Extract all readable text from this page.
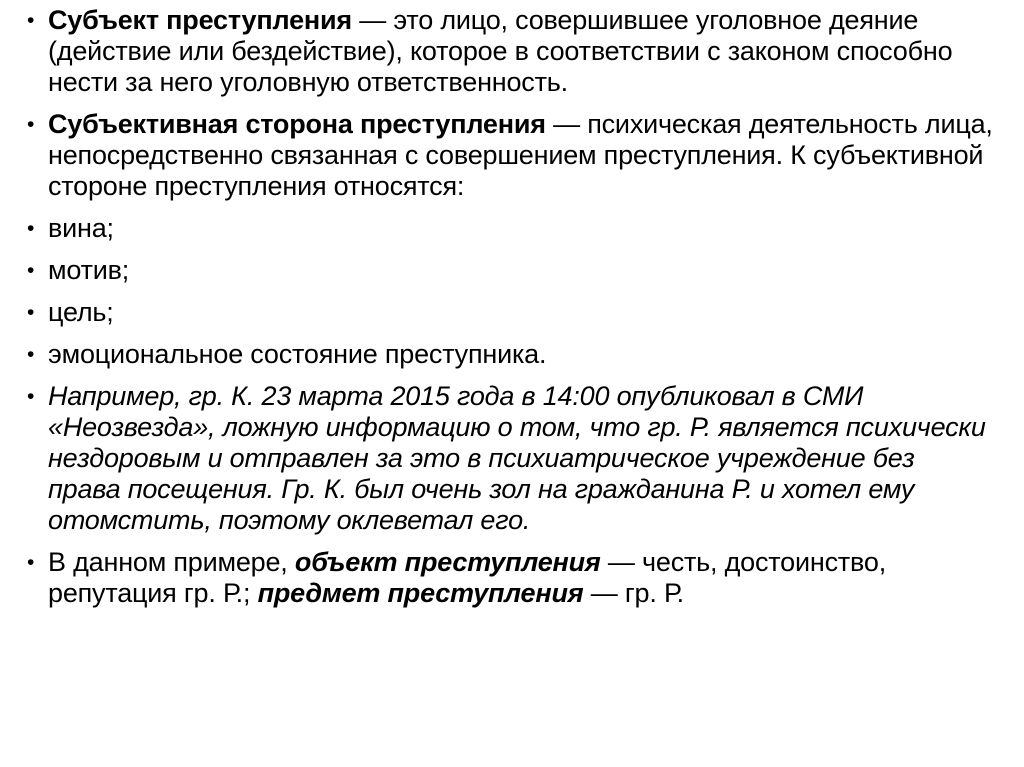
• Субъект преступления — это лицо, совершившее уголовное деяние (действие или бездействие), которое в соответствии с законом способно нести за него уголовную ответственность.
• Субъективная сторона преступления — психическая деятельность лица, непосредственно связанная с совершением преступления. К субъективной стороне преступления относятся:
• вина;
• мотив;
• цель;
• эмоциональное состояние преступника.
• Например, гр. К. 23 марта 2015 года в 14:00 опубликовал в СМИ «Неозвезда», ложную информацию о том, что гр. Р. является психически нездоровым и отправлен за это в психиатрическое учреждение без права посещения. Гр. К. был очень зол на гражданина Р. и хотел ему отомстить, поэтому оклеветал его.
• В данном примере, объект преступления — честь, достоинство, репутация гр. Р.; предмет преступления — гр. Р.
